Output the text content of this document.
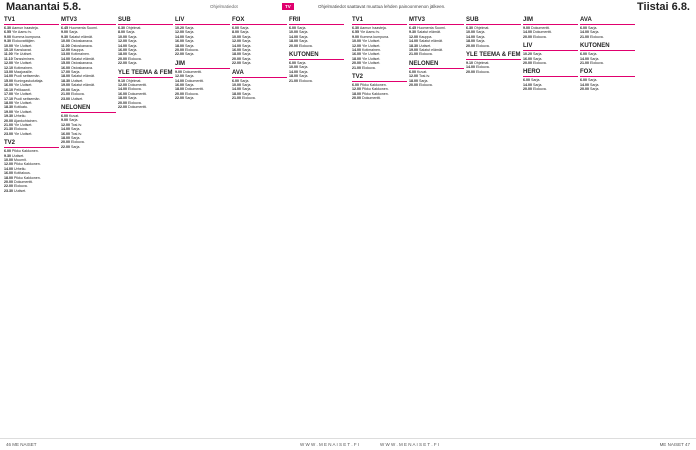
Maanantai 5.8.	Ohjelmatiedot	TV	Ohjelmatiedot saattavat muuttua lehden painoonmenon jälkeen.	Tiistai 6.8.
TV1
6.30 Aamun haasteja.
6.55 Yle Aamu tv.
9.00 Kumma kumpuna.
9.30 Elokuvattäjien.
10.00 Yle Uutiset.
10.10 Kanskavat.
11.00 Yle Uutiset.
11.10 Tanssiminen.
12.00 Yle Uutiset.
12.10 Kotimainen.
13.00 Maajussille.
14.00 Puoli seitsemän.
15.00 Kuningaskuluttaja.
16.00 Yle Uutiset.
16.10 Pelikaanit.
17.00 Yle Uutiset.
17.10 Puoli seitsemän.
18.00 Yle Uutiset.
18.30 Kotikatu.
19.00 Yle Uutiset.
19.30 Urheilu.
20.00 Ajankohtainen.
21.00 Yle Uutiset.
21.30 Elokuva.
23.00 Yle Uutiset.
TV2
6.00 Pikku Kakkonen.
9.30 Uutiset.
10.00 Muumit.
12.00 Pikku Kakkonen.
14.00 Urheilu.
16.00 Kotitalous.
18.00 Pikku Kakkonen.
20.00 Dokumentti.
22.00 Elokuva.
23.30 Uutiset.
MTV3
6.45 Huomenta Suomi.
9.00 Sarja.
9.30 Salatut elämät.
10.00 Ostoskanava.
11.00 Ostoskanava.
12.00 Kauppa.
13.00 Kotimainen.
14.00 Salatut elämät.
15.00 Ostoskanava.
16.00 Ostoskanava.
17.00 Sarja.
18.00 Salatut elämät.
18.30 Uutiset.
19.00 Salatut elämät.
20.00 Sarja.
21.00 Elokuva.
23.00 Uutiset.
NELONEN
6.00 Kuvat.
9.00 Sarja.
12.00 Tosi-tv.
14.00 Sarja.
16.00 Tosi-tv.
18.00 Sarja.
20.00 Elokuva.
22.00 Sarja.
SUB
6.30 Ohjelmat.
8.00 Sarja.
10.00 Sarja.
12.00 Sarja.
14.00 Sarja.
16.00 Sarja.
18.00 Sarja.
20.00 Elokuva.
22.00 Sarja.
YLE TEEMA & FEM
9.10 Ohjelmat.
12.00 Dokumentti.
14.00 Elokuva.
16.00 Dokumentti.
18.00 Sarja.
20.00 Elokuva.
22.00 Dokumentti.
LIV
10.20 Sarja.
12.00 Sarja.
14.00 Sarja.
16.00 Sarja.
18.00 Sarja.
20.00 Elokuva.
22.00 Sarja.
JIM
9.00 Dokumentti.
12.00 Sarja.
14.00 Dokumentti.
16.00 Sarja.
18.00 Dokumentti.
20.00 Elokuva.
22.00 Sarja.
FOX
6.00 Sarja.
8.00 Sarja.
10.00 Sarja.
12.00 Sarja.
14.00 Sarja.
16.00 Sarja.
18.00 Sarja.
20.00 Sarja.
22.00 Sarja.
AVA
6.00 Sarja.
10.00 Sarja.
14.00 Sarja.
18.00 Sarja.
21.00 Elokuva.
FRII
6.00 Sarja.
10.00 Sarja.
14.00 Sarja.
18.00 Sarja.
20.00 Elokuva.
KUTONEN
6.00 Sarja.
10.00 Sarja.
14.00 Sarja.
18.00 Sarja.
21.00 Elokuva.
TV1
6.30 Aamun haasteja.
6.55 Yle Aamu tv.
9.00 Kumma kumpuna.
10.00 Yle Uutiset.
12.00 Yle Uutiset.
14.00 Kotimainen.
16.00 Yle Uutiset.
18.00 Yle Uutiset.
20.00 Yle Uutiset.
21.00 Elokuva.
TV2
6.00 Pikku Kakkonen.
12.00 Pikku Kakkonen.
18.00 Pikku Kakkonen.
20.00 Dokumentti.
MTV3
6.45 Huomenta Suomi.
9.30 Salatut elämät.
12.00 Kauppa.
14.00 Salatut elämät.
18.30 Uutiset.
19.00 Salatut elämät.
21.00 Elokuva.
NELONEN
6.00 Kuvat.
12.00 Tosi-tv.
18.00 Sarja.
20.00 Elokuva.
SUB
6.30 Ohjelmat.
10.00 Sarja.
14.00 Sarja.
18.00 Sarja.
20.00 Elokuva.
YLE TEEMA & FEM
9.10 Ohjelmat.
14.00 Elokuva.
20.00 Elokuva.
JIM
9.00 Dokumentti.
14.00 Dokumentti.
20.00 Elokuva.
LIV
10.20 Sarja.
16.00 Sarja.
20.00 Elokuva.
HERO
6.00 Sarja.
14.00 Sarja.
20.00 Elokuva.
AVA
6.00 Sarja.
14.00 Sarja.
21.00 Elokuva.
KUTONEN
6.00 Sarja.
14.00 Sarja.
21.00 Elokuva.
FOX
6.00 Sarja.
14.00 Sarja.
20.00 Sarja.
46 ME NAISET	W W W . M E N A I S E T . F I	W W W . M E N A I S E T . F I	ME NAISET 47
